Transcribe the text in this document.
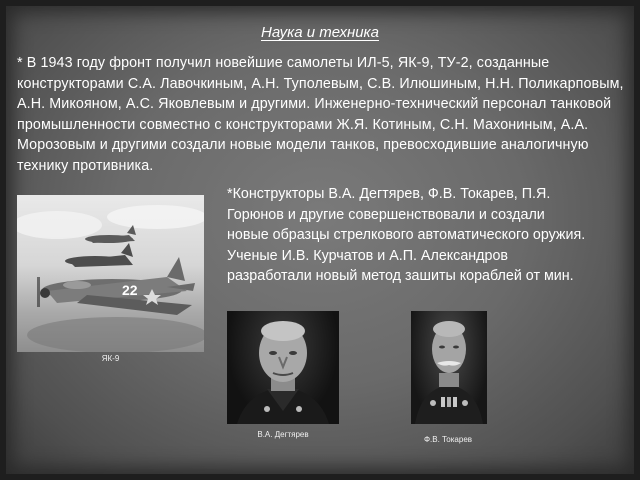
Наука и техника
* В 1943 году фронт получил новейшие самолеты ИЛ-5, ЯК-9, ТУ-2, созданные конструкторами С.А. Лавочкиным, А.Н. Туполевым, С.В. Илюшиным, Н.Н. Поликарповым, А.Н. Микояном, А.С. Яковлевым и другими. Инженерно-технический персонал танковой промышленности совместно с конструкторами Ж.Я. Котиным, С.Н. Махониным, А.А. Морозовым и другими создали новые модели танков, превосходившие аналогичную технику противника.
*Конструкторы В.А. Дегтярев, Ф.В. Токарев, П.Я. Горюнов и другие совершенствовали и создали новые образцы стрелкового автоматического оружия. Ученые И.В. Курчатов и А.П. Александров разработали новый метод зашиты кораблей от мин.
22
ЯК-9
В.А. Дегтярев
Ф.В. Токарев
